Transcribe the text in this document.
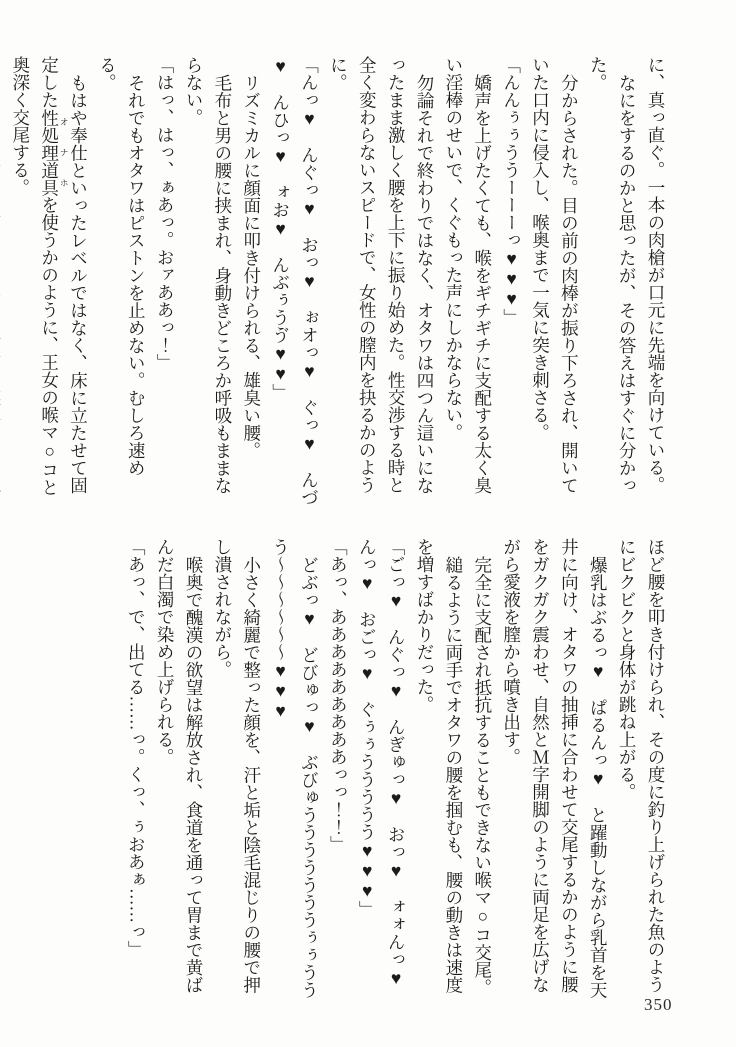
に、真っ直ぐ。一本の肉槍が口元に先端を向けている。

なにをするのかと思ったが、その答えはすぐに分かった。

分からされた。目の前の肉棒が振り下ろされ、開いていた口内に侵入し、喉奥まで一気に突き刺さる。

「んんぅぅううーーーっ♥♥♥」

嬌声を上げたくても、喉をギチギチに支配する太く臭い淫棒のせいで、くぐもった声にしかならない。

勿論それで終わりではなく、オタワは四つん這いになったまま激しく腰を上下に振り始めた。性交渉する時と全く変わらないスピードで、女性の膣内を抉るかのように。

「んっ♥　んぐっ♥　おっ♥　ぉオっ♥　ぐっ♥　んづ♥　んひっ♥　ォお♥　んぶぅうゔ♥♥」

リズミカルに顔面に叩き付けられる、雄臭い腰。

毛布と男の腰に挟まれ、身動きどころか呼吸もままならない。

「はっ、はっ、ぁあっ。おァああっ！」

それでもオタワはピストンを止めない。むしろ速める。

もはや奉仕といったレベルではなく、床に立たせて固定した性処理道具 オナホを使うかのように、王女の喉マ○コと奥深く交尾する。

ほど腰を叩き付けられ、その度に釣り上げられた魚のようにビクビクと身体が跳ね上がる。

爆乳はぶるっ♥　ぱるんっ♥　と躍動しながら乳首を天井に向け、オタワの抽挿に合わせて交尾するかのように腰をガクガク震わせ、自然とＭ字開脚のように両足を広げながら愛液を膣から噴き出す。

完全に支配され抵抗することもできない喉マ○コ交尾。

縋るように両手でオタワの腰を掴むも、腰の動きは速度を増すばかりだった。

「ごっ♥　んぐっ♥　んぎゅっ♥　おっ♥　ォォんっ♥　んっ♥　おごっ♥　ぐぅぅううううう♥♥♥」

「あっ、あああああああああっっ！！」

どぶっ♥　どびゅっ♥　ぶびゅうううううううぅぅううう〜〜〜〜〜〜♥♥♥

小さく綺麗で整った顔を、汗と垢と陰毛混じりの腰で押し潰されながら。

喉奥で醜漢の欲望は解放され、食道を通って胃まで黄ばんだ白濁で染め上げられる。

「あっ、で、出てる……っ。くっ、ぅおあぁ……っ」

350
